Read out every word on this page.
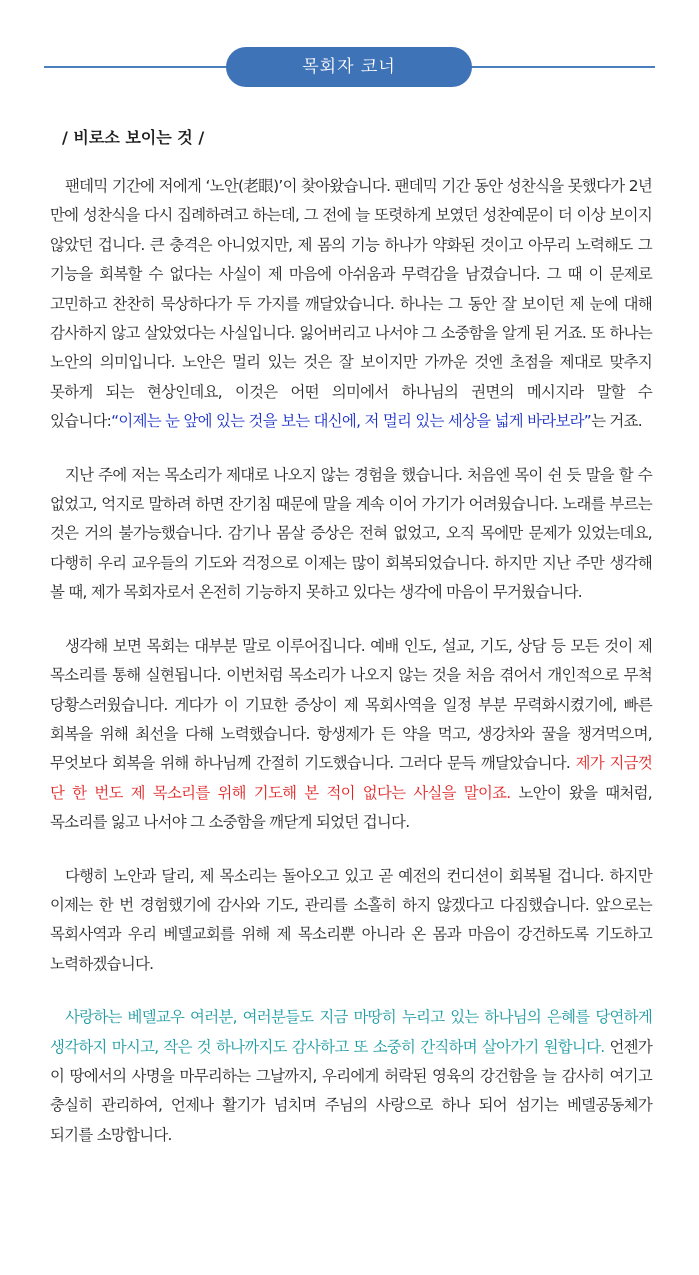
목회자 코너
/ 비로소 보이는 것 /

팬데믹 기간에 저에게 ‘노안(老眼)’이 찾아왔습니다. 팬데믹 기간 동안 성찬식을 못했다가 2년 만에 성찬식을 다시 집례하려고 하는데, 그 전에 늘 또렷하게 보였던 성찬예문이 더 이상 보이지 않았던 겁니다. 큰 충격은 아니었지만, 제 몸의 기능 하나가 약화된 것이고 아무리 노력해도 그 기능을 회복할 수 없다는 사실이 제 마음에 아쉬움과 무력감을 남겼습니다. 그 때 이 문제로 고민하고 찬찬히 묵상하다가 두 가지를 깨달았습니다. 하나는 그 동안 잘 보이던 제 눈에 대해 감사하지 않고 살았었다는 사실입니다. 잃어버리고 나서야 그 소중함을 알게 된 거죠. 또 하나는 노안의 의미입니다. 노안은 멀리 있는 것은 잘 보이지만 가까운 것엔 초점을 제대로 맞추지 못하게 되는 현상인데요, 이것은 어떤 의미에서 하나님의 권면의 메시지라 말할 수 있습니다:“이제는 눈 앞에 있는 것을 보는 대신에, 저 멀리 있는 세상을 넓게 바라보라”는 거죠.

지난 주에 저는 목소리가 제대로 나오지 않는 경험을 했습니다. 처음엔 목이 쉰 듯 말을 할 수 없었고, 억지로 말하려 하면 잔기침 때문에 말을 계속 이어 가기가 어려웠습니다. 노래를 부르는 것은 거의 불가능했습니다. 감기나 몸살 증상은 전혀 없었고, 오직 목에만 문제가 있었는데요, 다행히 우리 교우들의 기도와 걱정으로 이제는 많이 회복되었습니다. 하지만 지난 주만 생각해 볼 때, 제가 목회자로서 온전히 기능하지 못하고 있다는 생각에 마음이 무거웠습니다.

생각해 보면 목회는 대부분 말로 이루어집니다. 예배 인도, 설교, 기도, 상담 등 모든 것이 제 목소리를 통해 실현됩니다. 이번처럼 목소리가 나오지 않는 것을 처음 겪어서 개인적으로 무척 당황스러웠습니다. 게다가 이 기묘한 증상이 제 목회사역을 일정 부분 무력화시켰기에, 빠른 회복을 위해 최선을 다해 노력했습니다. 항생제가 든 약을 먹고, 생강차와 꿀을 챙겨먹으며, 무엇보다 회복을 위해 하나님께 간절히 기도했습니다. 그러다 문득 깨달았습니다. 제가 지금껏 단 한 번도 제 목소리를 위해 기도해 본 적이 없다는 사실을 말이죠. 노안이 왔을 때처럼, 목소리를 잃고 나서야 그 소중함을 깨닫게 되었던 겁니다.

다행히 노안과 달리, 제 목소리는 돌아오고 있고 곧 예전의 컨디션이 회복될 겁니다. 하지만 이제는 한 번 경험했기에 감사와 기도, 관리를 소홀히 하지 않겠다고 다짐했습니다. 앞으로는 목회사역과 우리 베델교회를 위해 제 목소리뿐 아니라 온 몸과 마음이 강건하도록 기도하고 노력하겠습니다.

사랑하는 베델교우 여러분, 여러분들도 지금 마땅히 누리고 있는 하나님의 은혜를 당연하게 생각하지 마시고, 작은 것 하나까지도 감사하고 또 소중히 간직하며 살아가기 원합니다. 언젠가 이 땅에서의 사명을 마무리하는 그날까지, 우리에게 허락된 영육의 강건함을 늘 감사히 여기고 충실히 관리하여, 언제나 활기가 넘치며 주님의 사랑으로 하나 되어 섬기는 베델공동체가 되기를 소망합니다.
